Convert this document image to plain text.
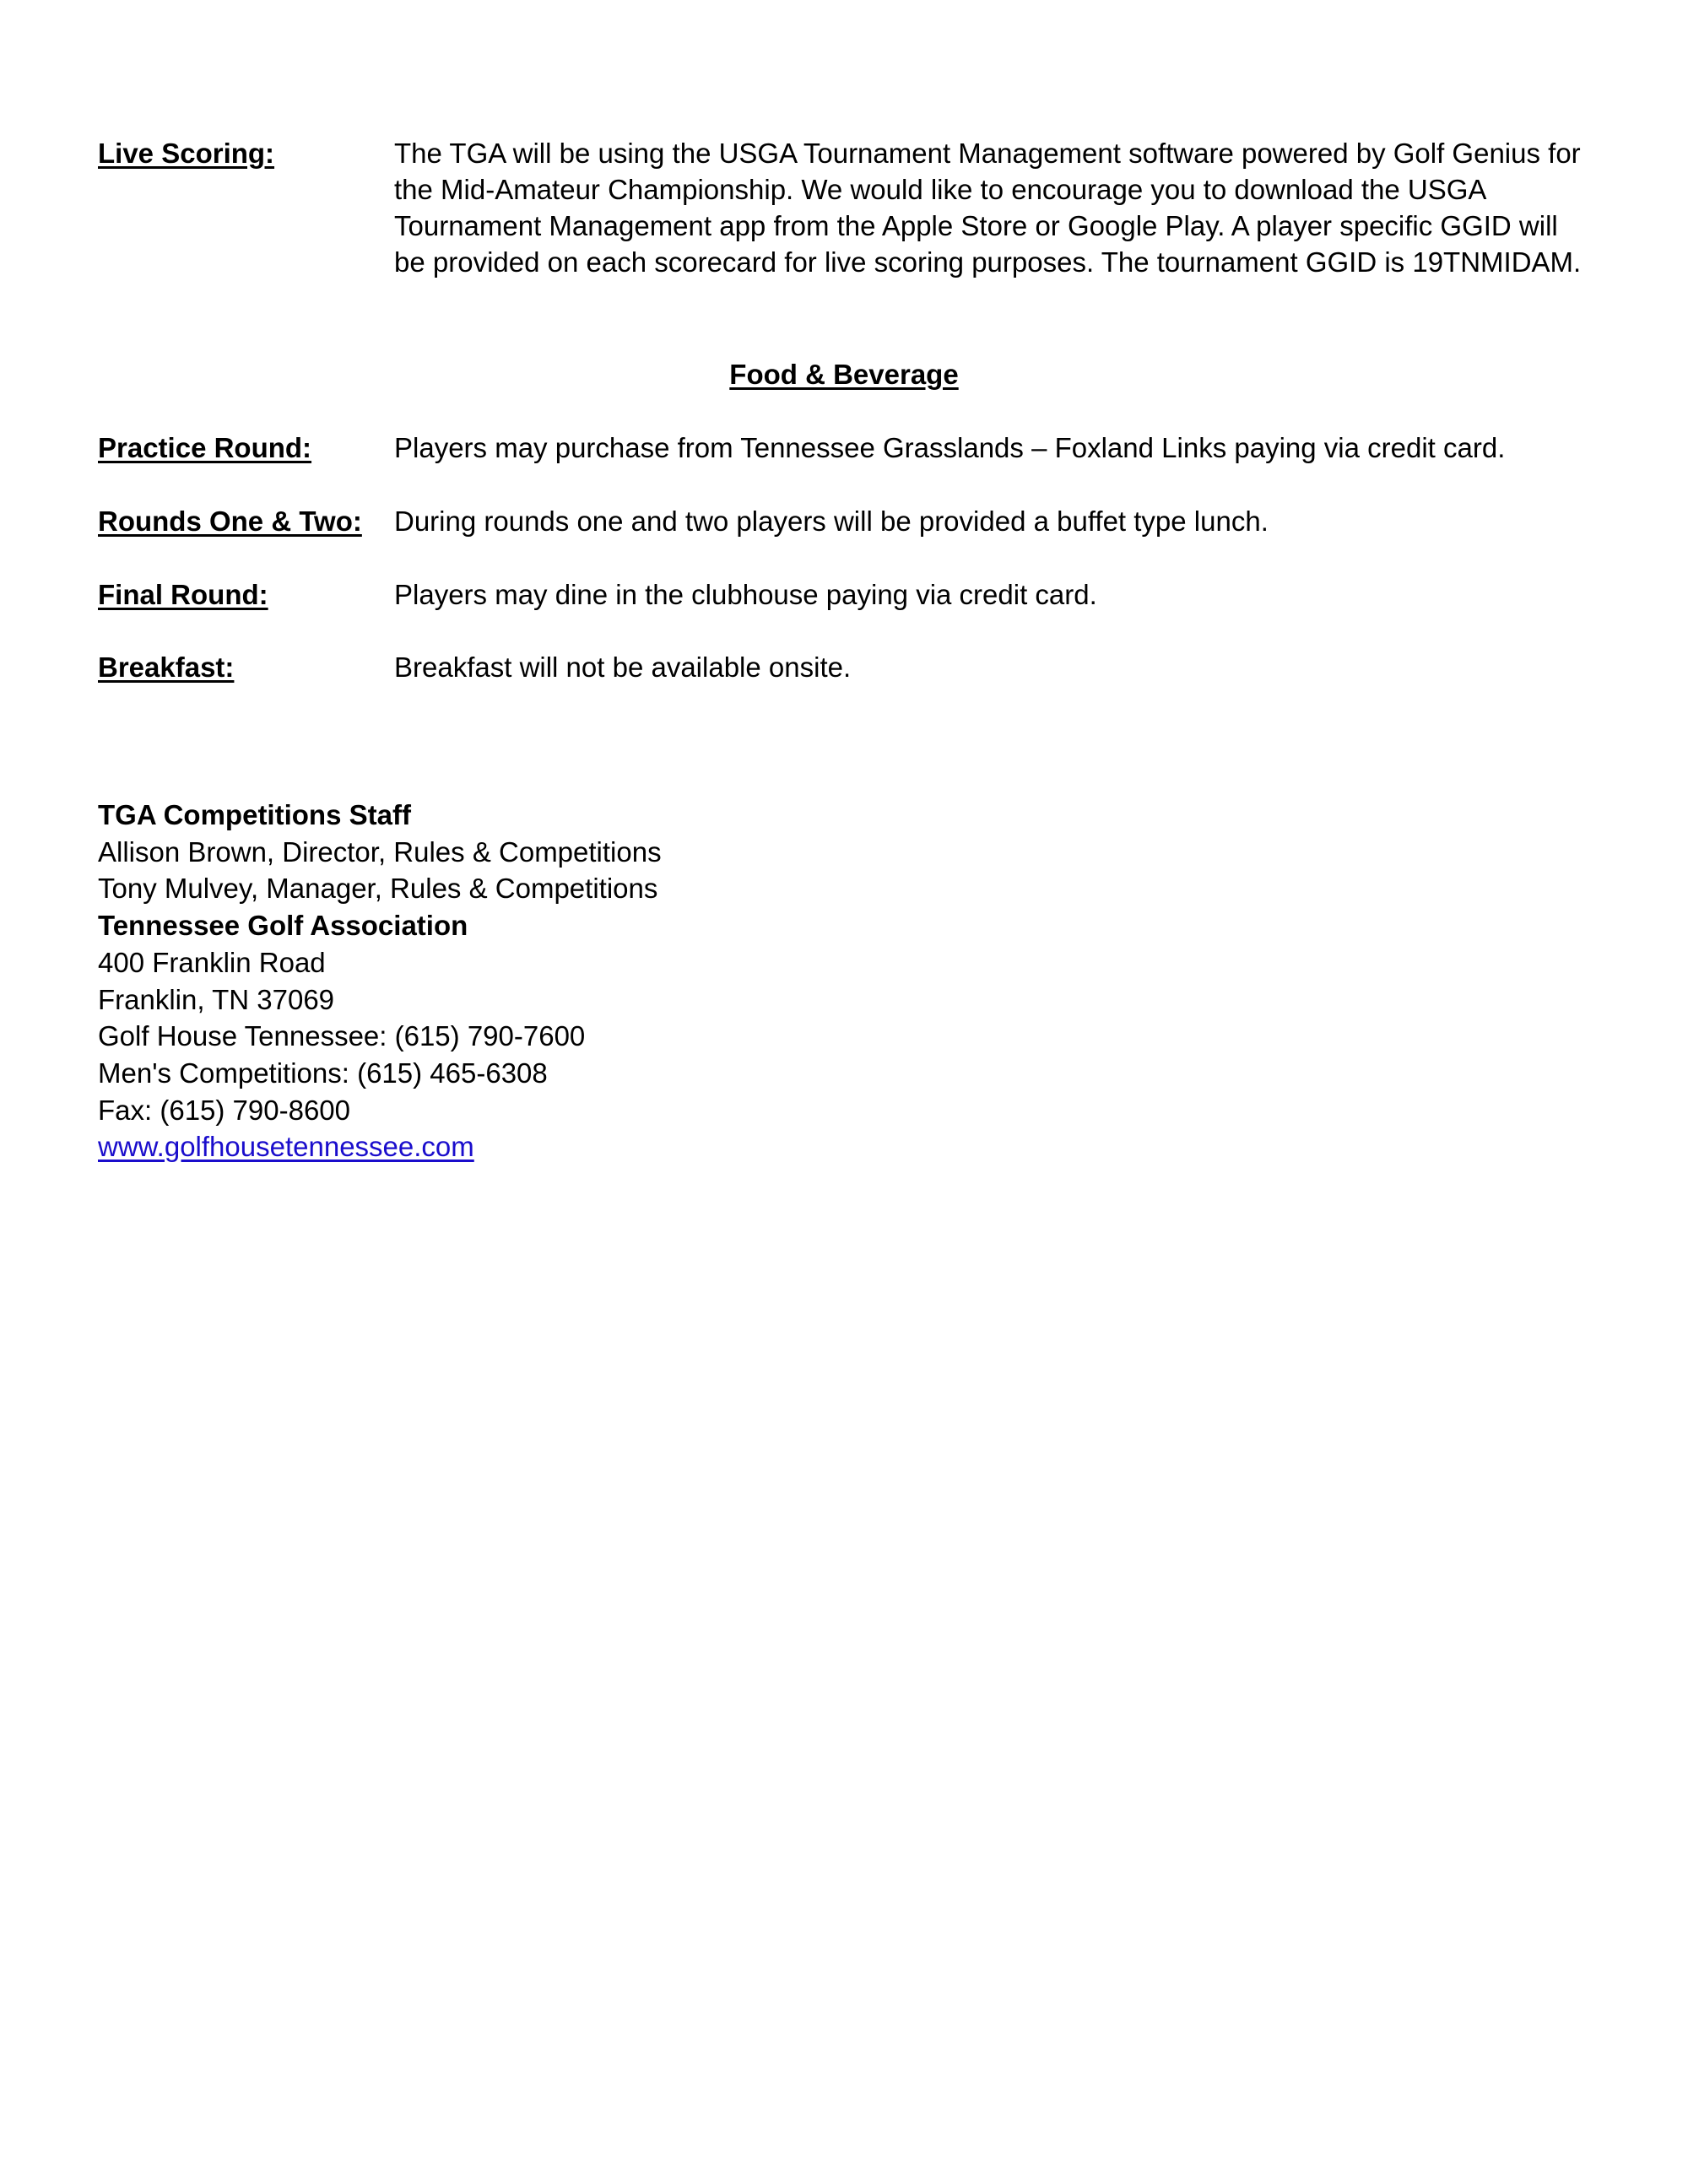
Live Scoring:	The TGA will be using the USGA Tournament Management software powered by Golf Genius for the Mid-Amateur Championship. We would like to encourage you to download the USGA Tournament Management app from the Apple Store or Google Play. A player specific GGID will be provided on each scorecard for live scoring purposes. The tournament GGID is 19TNMIDAM.
Food & Beverage
Practice Round:	Players may purchase from Tennessee Grasslands – Foxland Links paying via credit card.
Rounds One & Two: During rounds one and two players will be provided a buffet type lunch.
Final Round:	Players may dine in the clubhouse paying via credit card.
Breakfast:	Breakfast will not be available onsite.
TGA Competitions Staff
Allison Brown, Director, Rules & Competitions
Tony Mulvey, Manager, Rules & Competitions
Tennessee Golf Association
400 Franklin Road
Franklin, TN 37069
Golf House Tennessee: (615) 790-7600
Men's Competitions: (615) 465-6308
Fax: (615) 790-8600
www.golfhousetennessee.com
